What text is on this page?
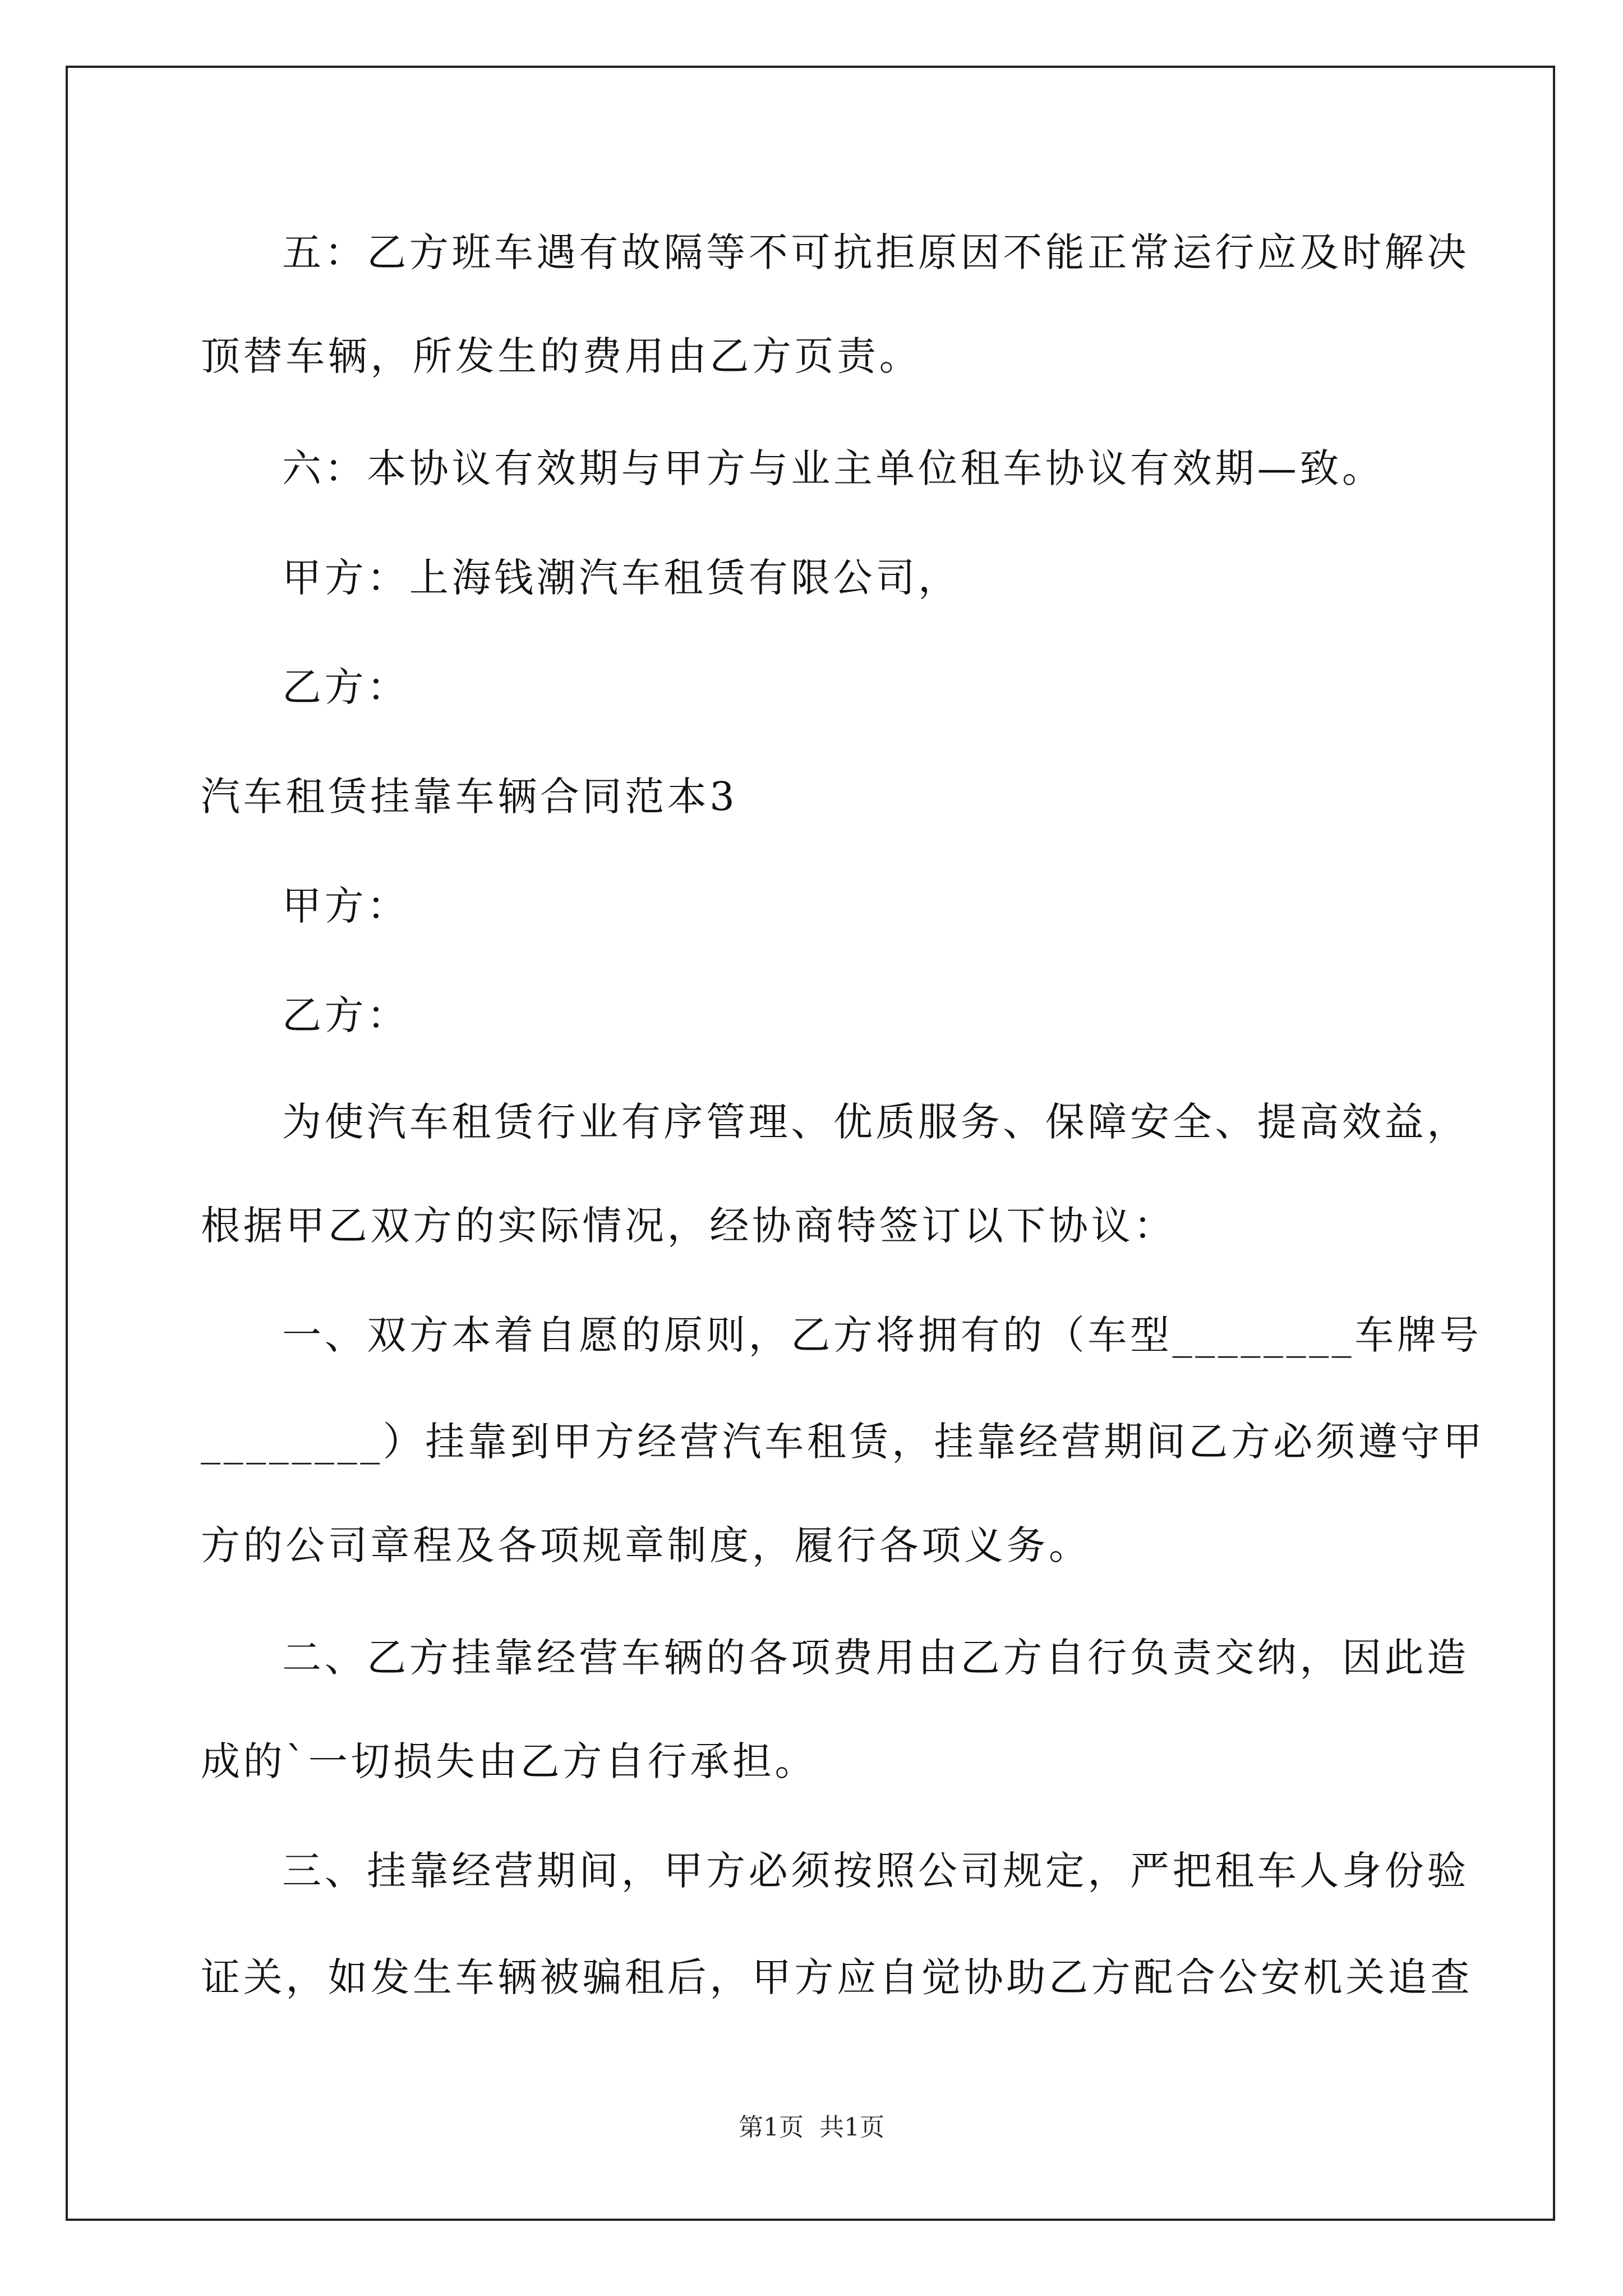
五：乙方班车遇有故隔等不可抗拒原因不能正常运行应及时解决
顶替车辆，所发生的费用由乙方页责。
六：本协议有效期与甲方与业主单位租车协议有效期—致。
甲方：上海钱潮汽车租赁有限公司，
乙方：
汽车租赁挂靠车辆合同范本3
甲方：
乙方：
为使汽车租赁行业有序管理、优质服务、保障安全、提高效益，
根据甲乙双方的实际情况，经协商特签订以下协议：
一、双方本着自愿的原则，乙方将拥有的（车型________车牌号
________）挂靠到甲方经营汽车租赁，挂靠经营期间乙方必须遵守甲
方的公司章程及各项规章制度，履行各项义务。
二、乙方挂靠经营车辆的各项费用由乙方自行负责交纳，因此造
成的`一切损失由乙方自行承担。
三、挂靠经营期间，甲方必须按照公司规定，严把租车人身份验
证关，如发生车辆被骗租后，甲方应自觉协助乙方配合公安机关追查
第1页 共1页
